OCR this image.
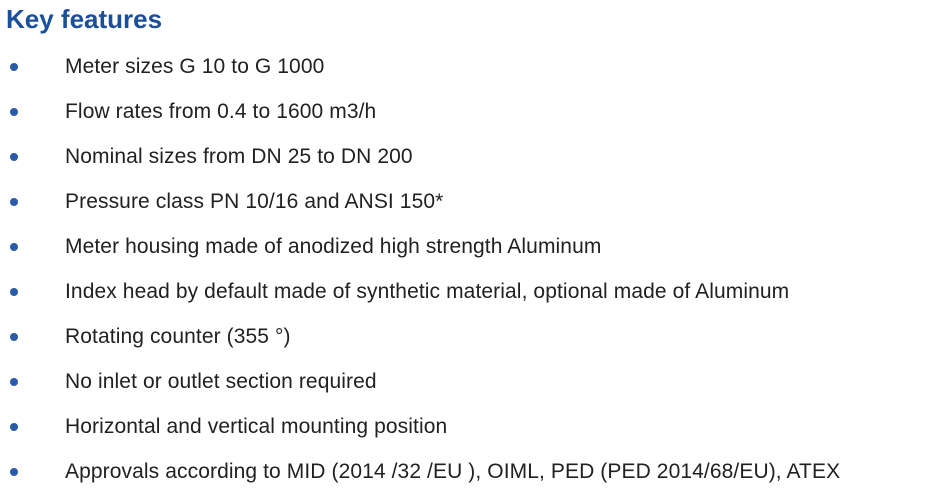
Key features
Meter sizes G 10 to G 1000
Flow rates from 0.4 to 1600 m3/h
Nominal sizes from DN 25 to DN 200
Pressure class PN 10/16 and ANSI 150*
Meter housing made of anodized high strength Aluminum
Index head by default made of synthetic material, optional made of Aluminum
Rotating counter (355 °)
No inlet or outlet section required
Horizontal and vertical mounting position
Approvals according to MID (2014 /32 /EU ), OIML, PED (PED 2014/68/EU), ATEX
